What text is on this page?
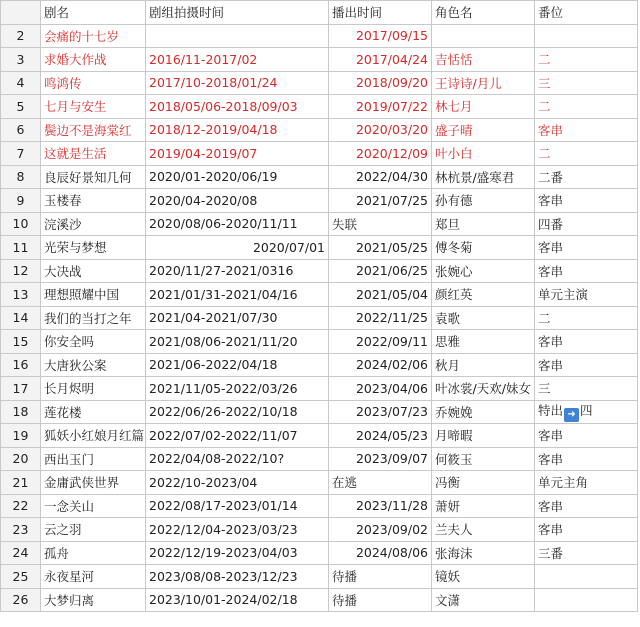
	剧名	剧组拍摄时间	播出时间	角色名	番位
2	会痛的十七岁		2017/09/15		
3	求婚大作战	2016/11-2017/02	2017/04/24	吉恬恬	二
4	鸣鸿传	2017/10-2018/01/24	2018/09/20	王诗诗/月儿	三
5	七月与安生	2018/05/06-2018/09/03	2019/07/22	林七月	二
6	鬓边不是海棠红	2018/12-2019/04/18	2020/03/20	盛子晴	客串
7	这就是生活	2019/04-2019/07	2020/12/09	叶小白	二
8	良辰好景知几何	2020/01-2020/06/19	2022/04/30	林杭景/盛寒君	二番
9	玉楼春	2020/04-2020/08	2021/07/25	孙有德	客串
10	浣溪沙	2020/08/06-2020/11/11	失联	郑旦	四番
11	光荣与梦想	2020/07/01	2021/05/25	傅冬菊	客串
12	大决战	2020/11/27-2021/0316	2021/06/25	张婉心	客串
13	理想照耀中国	2021/01/31-2021/04/16	2021/05/04	颜红英	单元主演
14	我们的当打之年	2021/04-2021/07/30	2022/11/25	袁歌	二
15	你安全吗	2021/08/06-2021/11/20	2022/09/11	思雅	客串
16	大唐狄公案	2021/06-2022/04/18	2024/02/06	秋月	客串
17	长月烬明	2021/11/05-2022/03/26	2023/04/06	叶冰裳/天欢/妹女	三
18	莲花楼	2022/06/26-2022/10/18	2023/07/23	乔婉娩	特出 ➜ 四
19	狐妖小红娘月红篇	2022/07/02-2022/11/07	2024/05/23	月啼暇	客串
20	西出玉门	2022/04/08-2022/10?	2023/09/07	何筱玉	客串
21	金庸武侠世界	2022/10-2023/04	在逃	冯衡	单元主角
22	一念关山	2022/08/17-2023/01/14	2023/11/28	萧妍	客串
23	云之羽	2022/12/04-2023/03/23	2023/09/02	兰夫人	客串
24	孤舟	2022/12/19-2023/04/03	2024/08/06	张海沫	三番
25	永夜星河	2023/08/08-2023/12/23	待播	镜妖	
26	大梦归离	2023/10/01-2024/02/18	待播	文潇	
